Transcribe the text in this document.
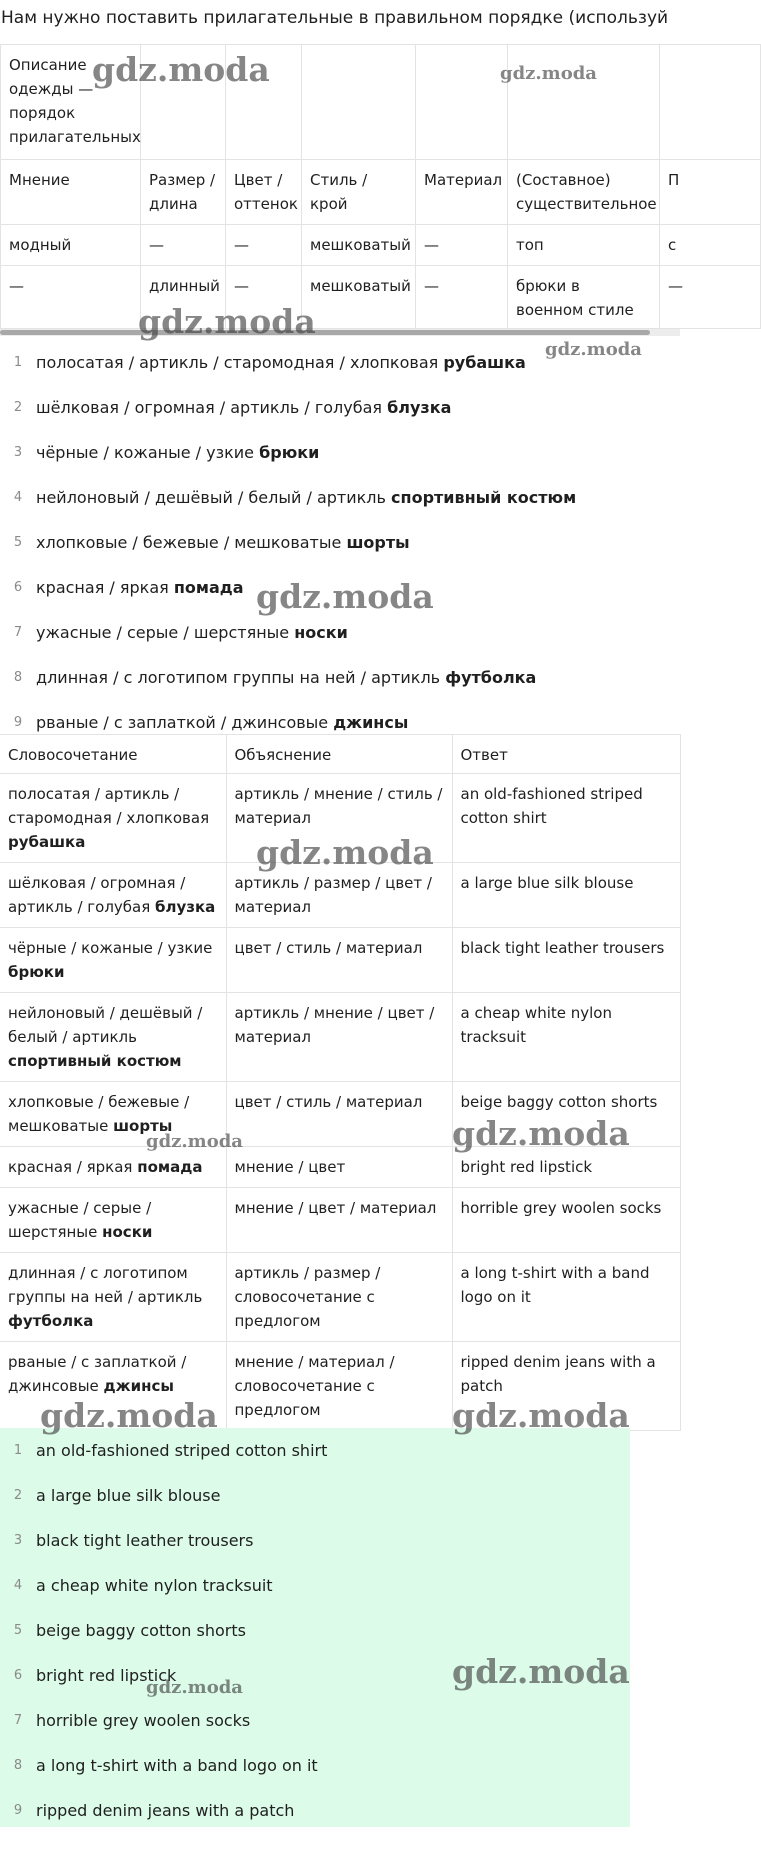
Нам нужно поставить прилагательные в правильном порядке (используй
Описание одежды — порядок прилагательных						
Мнение	Размер / длина	Цвет / оттенок	Стиль / крой	Материал	(Составное) существительное	П
модный	—	—	мешковатый	—	топ	с
—	длинный	—	мешковатый	—	брюки в военном стиле	—
1 полосатая / артикль / старомодная / хлопковая рубашка
2 шёлковая / огромная / артикль / голубая блузка
3 чёрные / кожаные / узкие брюки
4 нейлоновый / дешёвый / белый / артикль спортивный костюм
5 хлопковые / бежевые / мешковатые шорты
6 красная / яркая помада
7 ужасные / серые / шерстяные носки
8 длинная / с логотипом группы на ней / артикль футболка
9 рваные / с заплаткой / джинсовые джинсы
Словосочетание	Объяснение	Ответ
полосатая / артикль / старомодная / хлопковая рубашка	артикль / мнение / стиль / материал	an old-fashioned striped cotton shirt
шёлковая / огромная / артикль / голубая блузка	артикль / размер / цвет / материал	a large blue silk blouse
чёрные / кожаные / узкие брюки	цвет / стиль / материал	black tight leather trousers
нейлоновый / дешёвый / белый / артикль спортивный костюм	артикль / мнение / цвет / материал	a cheap white nylon tracksuit
хлопковые / бежевые / мешковатые шорты	цвет / стиль / материал	beige baggy cotton shorts
красная / яркая помада	мнение / цвет	bright red lipstick
ужасные / серые / шерстяные носки	мнение / цвет / материал	horrible grey woolen socks
длинная / с логотипом группы на ней / артикль футболка	артикль / размер / словосочетание с предлогом	a long t-shirt with a band logo on it
рваные / с заплаткой / джинсовые джинсы	мнение / материал / словосочетание с предлогом	ripped denim jeans with a patch
1 an old-fashioned striped cotton shirt
2 a large blue silk blouse
3 black tight leather trousers
4 a cheap white nylon tracksuit
5 beige baggy cotton shorts
6 bright red lipstick
7 horrible grey woolen socks
8 a long t-shirt with a band logo on it
9 ripped denim jeans with a patch
gdz.moda	gdz.moda
gdz.moda
gdz.moda
gdz.moda
gdz.moda
gdz.moda
gdz.moda
gdz.moda	gdz.moda
gdz.moda
gdz.moda
